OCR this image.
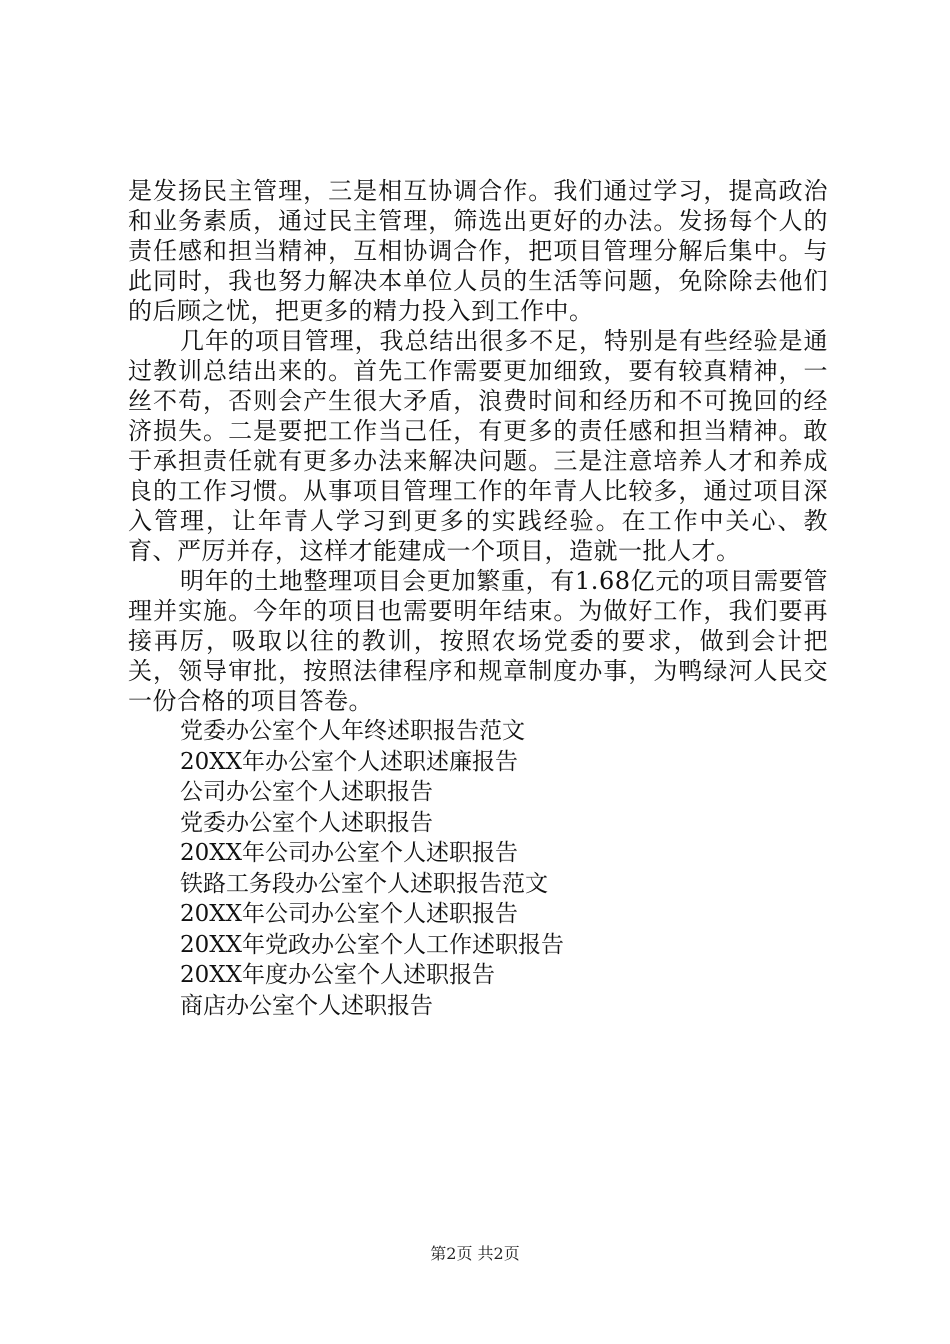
是发扬民主管理，三是相互协调合作。我们通过学习，提高政治和业务素质，通过民主管理，筛选出更好的办法。发扬每个人的责任感和担当精神，互相协调合作，把项目管理分解后集中。与此同时，我也努力解决本单位人员的生活等问题，免除除去他们的后顾之忧，把更多的精力投入到工作中。

几年的项目管理，我总结出很多不足，特别是有些经验是通过教训总结出来的。首先工作需要更加细致，要有较真精神，一丝不苟，否则会产生很大矛盾，浪费时间和经历和不可挽回的经济损失。二是要把工作当己任，有更多的责任感和担当精神。敢于承担责任就有更多办法来解决问题。三是注意培养人才和养成良的工作习惯。从事项目管理工作的年青人比较多，通过项目深入管理，让年青人学习到更多的实践经验。在工作中关心、教育、严厉并存，这样才能建成一个项目，造就一批人才。

明年的土地整理项目会更加繁重，有1.68亿元的项目需要管理并实施。今年的项目也需要明年结束。为做好工作，我们要再接再厉，吸取以往的教训，按照农场党委的要求，做到会计把关，领导审批，按照法律程序和规章制度办事，为鸭绿河人民交一份合格的项目答卷。

党委办公室个人年终述职报告范文
20XX年办公室个人述职述廉报告
公司办公室个人述职报告
党委办公室个人述职报告
20XX年公司办公室个人述职报告
铁路工务段办公室个人述职报告范文
20XX年公司办公室个人述职报告
20XX年党政办公室个人工作述职报告
20XX年度办公室个人述职报告
商店办公室个人述职报告
第2页 共2页
